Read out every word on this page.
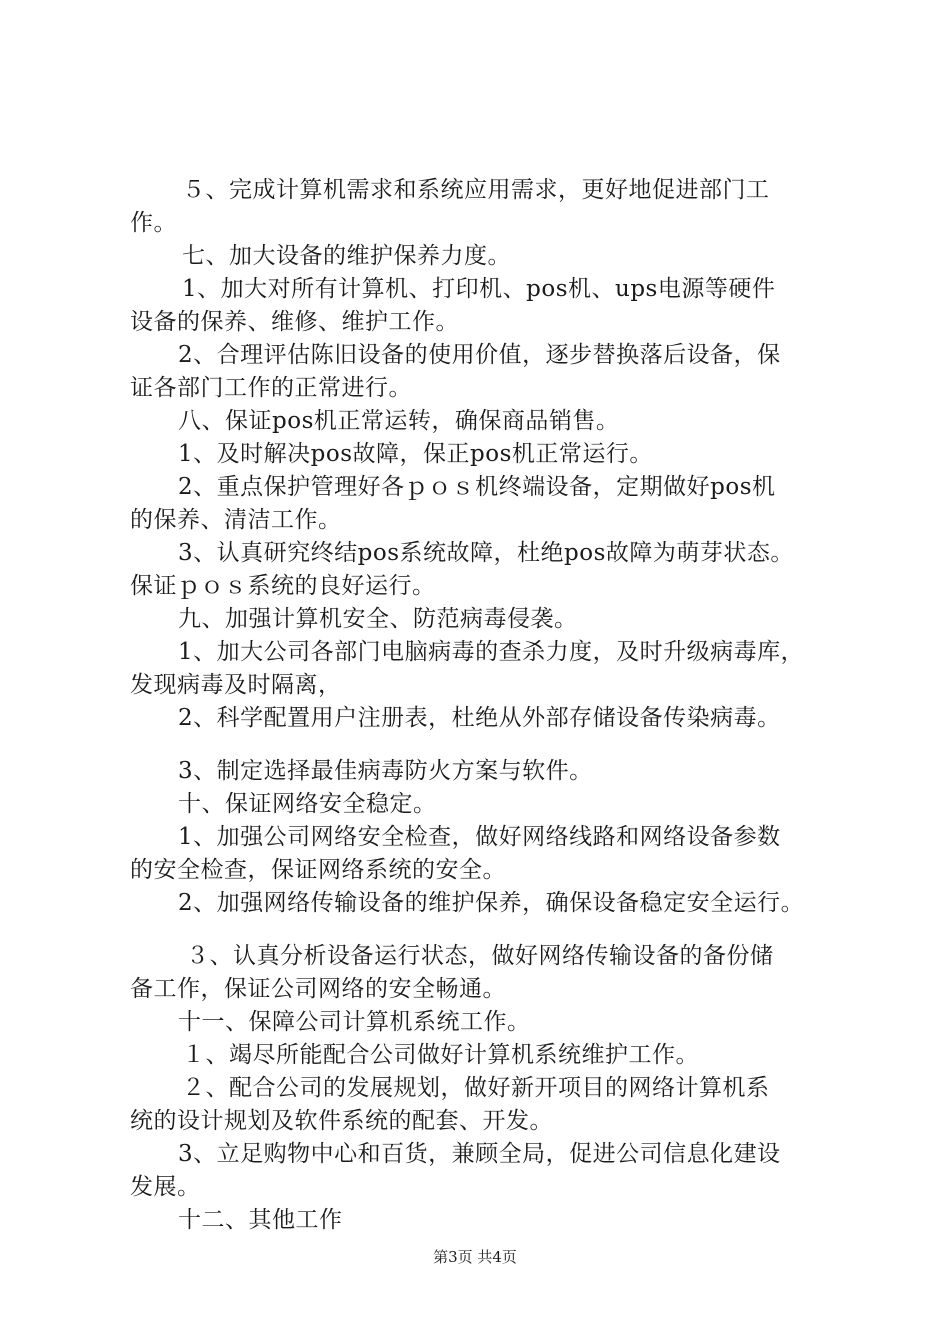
５、完成计算机需求和系统应用需求，更好地促进部门工
作。
七、加大设备的维护保养力度。
1、加大对所有计算机、打印机、pos机、ups电源等硬件
设备的保养、维修、维护工作。
2、合理评估陈旧设备的使用价值，逐步替换落后设备，保
证各部门工作的正常进行。
八、保证pos机正常运转，确保商品销售。
1、及时解决pos故障，保正pos机正常运行。
2、重点保护管理好各ｐｏｓ机终端设备，定期做好pos机
的保养、清洁工作。
3、认真研究终结pos系统故障，杜绝pos故障为萌芽状态。
保证ｐｏｓ系统的良好运行。
九、加强计算机安全、防范病毒侵袭。
1、加大公司各部门电脑病毒的查杀力度，及时升级病毒库，
发现病毒及时隔离，
2、科学配置用户注册表，杜绝从外部存储设备传染病毒。
3、制定选择最佳病毒防火方案与软件。
十、保证网络安全稳定。
1、加强公司网络安全检查，做好网络线路和网络设备参数
的安全检查，保证网络系统的安全。
2、加强网络传输设备的维护保养，确保设备稳定安全运行。
３、认真分析设备运行状态，做好网络传输设备的备份储
备工作，保证公司网络的安全畅通。
十一、保障公司计算机系统工作。
１、竭尽所能配合公司做好计算机系统维护工作。
２、配合公司的发展规划，做好新开项目的网络计算机系
统的设计规划及软件系统的配套、开发。
3、立足购物中心和百货，兼顾全局，促进公司信息化建设
发展。
十二、其他工作
第3页 共4页
